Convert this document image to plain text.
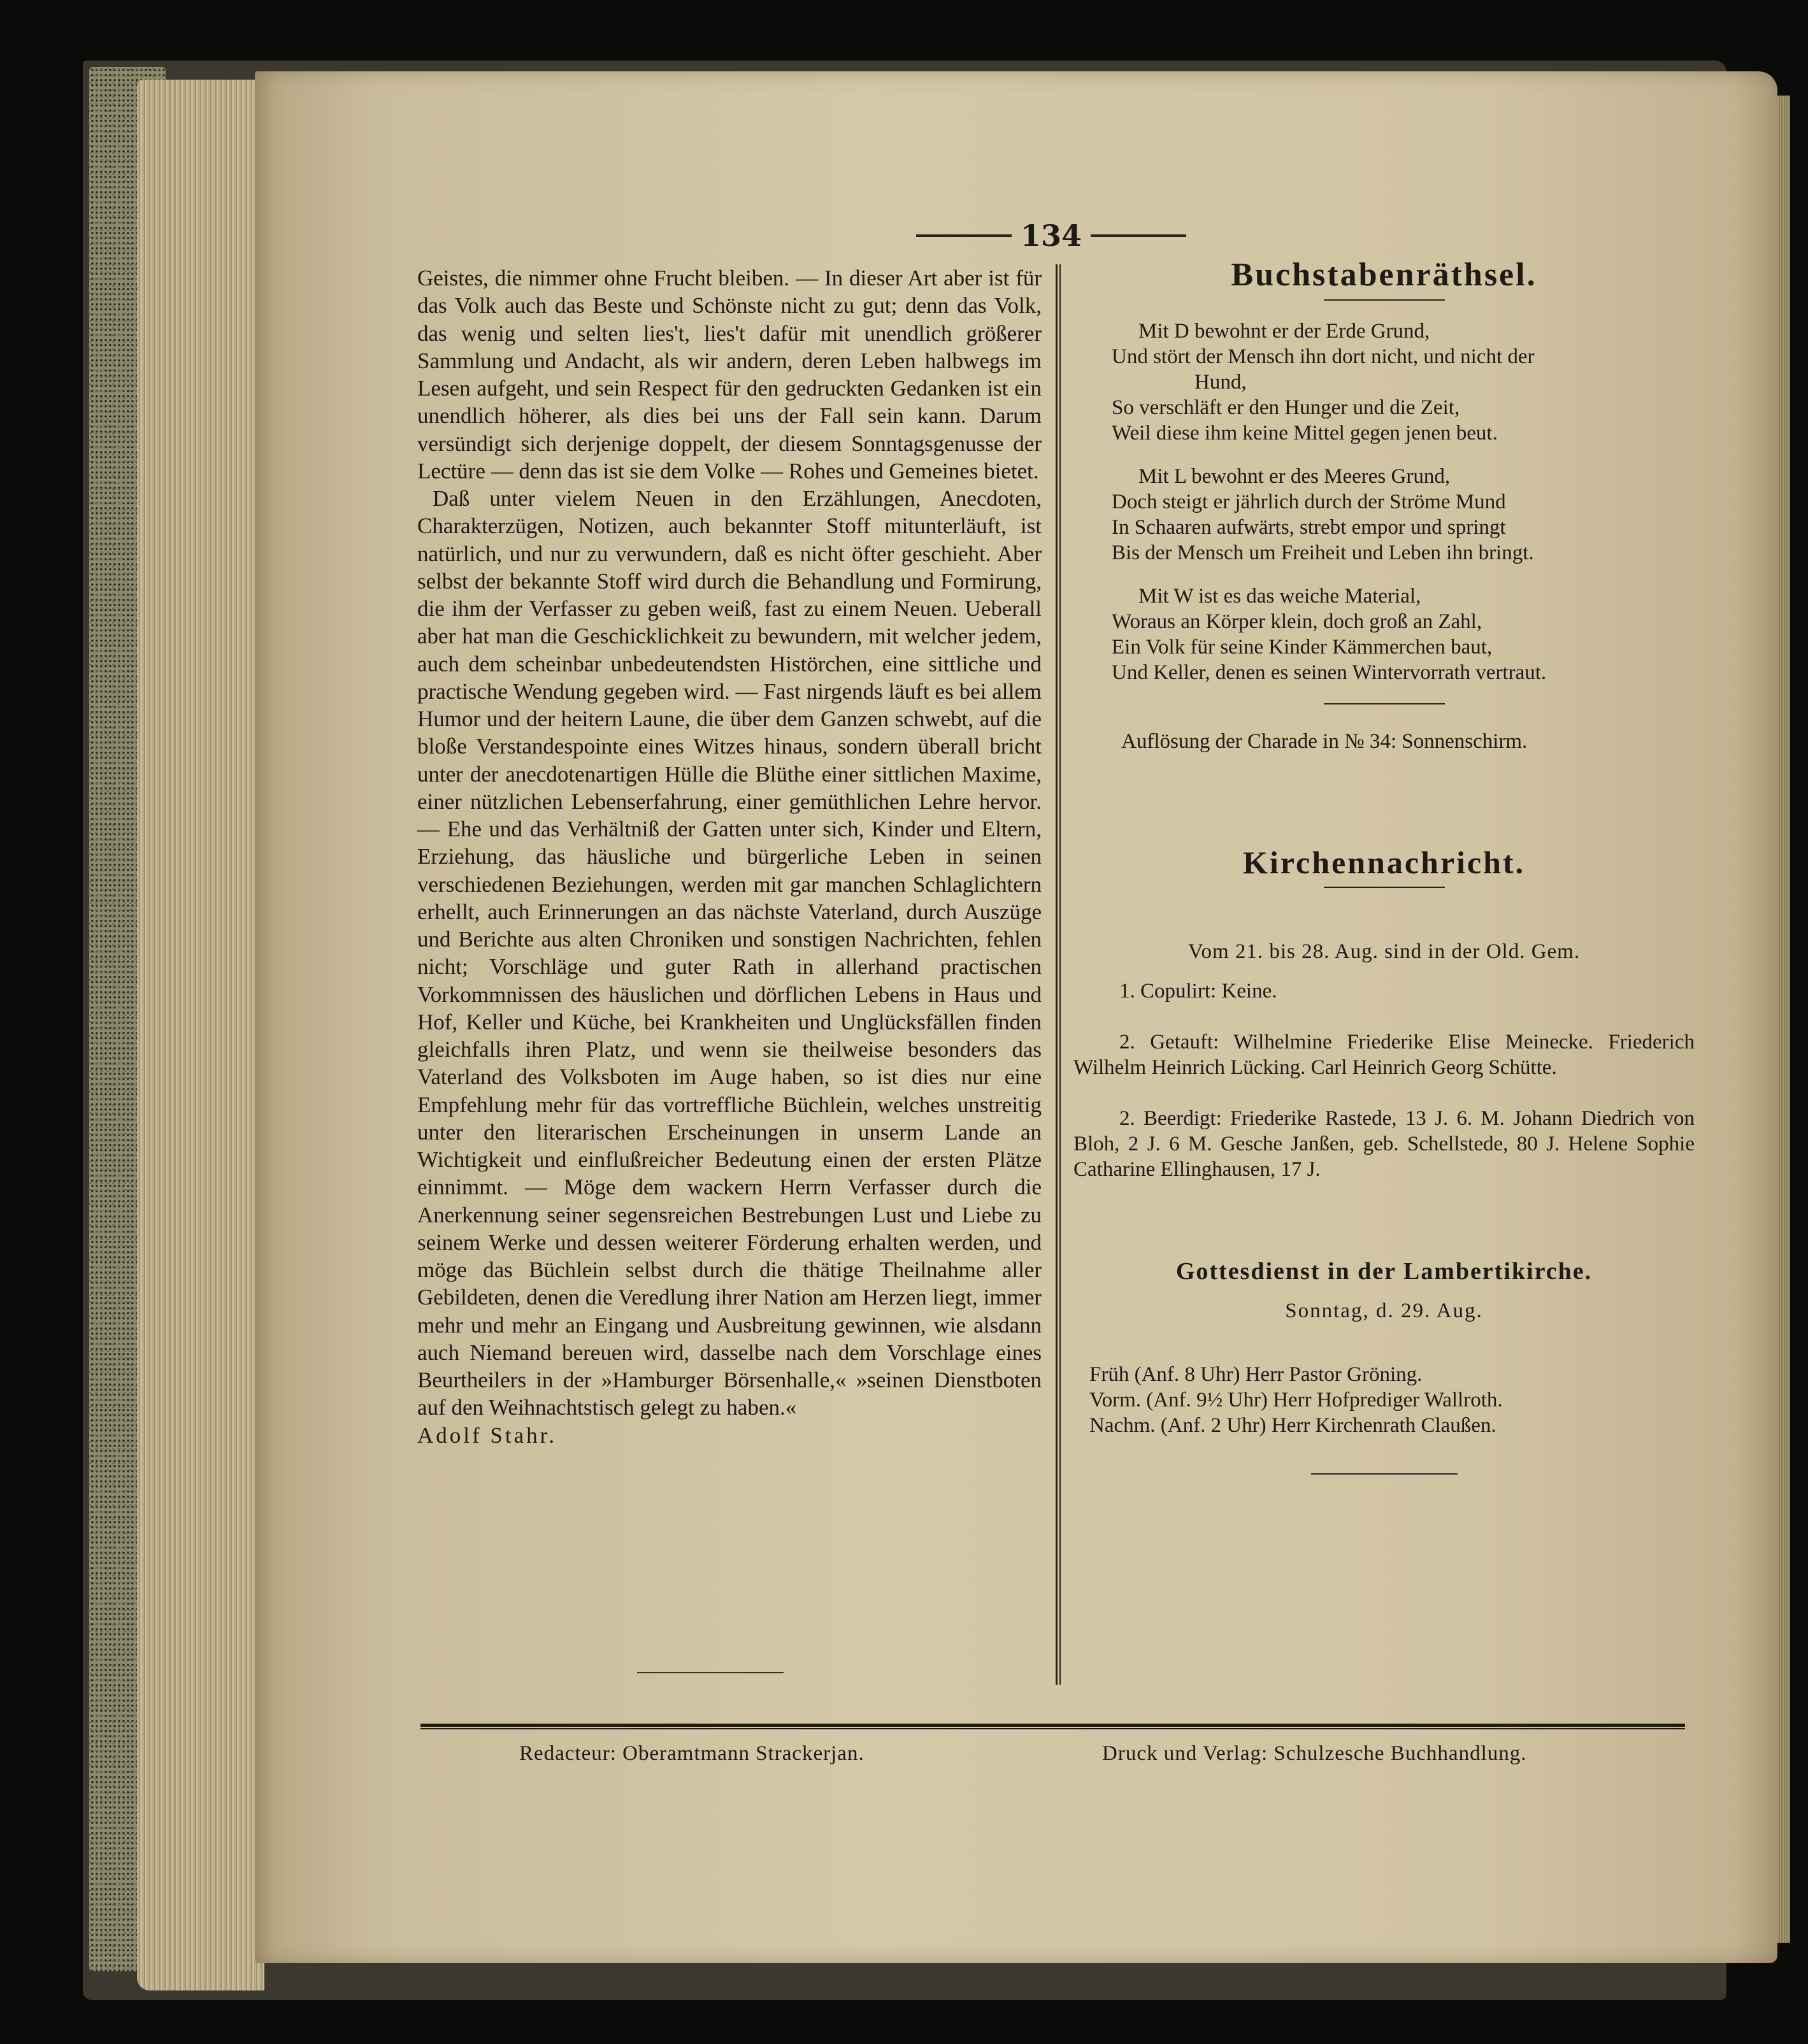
134

Geistes, die nimmer ohne Frucht bleiben. — In dieser Art aber ist für das Volk auch das Beste und Schönste nicht zu gut; denn das Volk, das wenig und selten lies't, lies't dafür mit unendlich größerer Sammlung und Andacht, als wir andern, deren Leben halbwegs im Lesen aufgeht, und sein Respect für den gedruckten Gedanken ist ein unendlich höherer, als dies bei uns der Fall sein kann. Darum versündigt sich derjenige doppelt, der diesem Sonntagsgenusse der Lectüre — denn das ist sie dem Volke — Rohes und Gemeines bietet.

Daß unter vielem Neuen in den Erzählungen, Anecdoten, Charakterzügen, Notizen, auch bekannter Stoff mitunterläuft, ist natürlich, und nur zu verwundern, daß es nicht öfter geschieht. Aber selbst der bekannte Stoff wird durch die Behandlung und Formirung, die ihm der Verfasser zu geben weiß, fast zu einem Neuen. Ueberall aber hat man die Geschicklichkeit zu bewundern, mit welcher jedem, auch dem scheinbar unbedeutendsten Histörchen, eine sittliche und practische Wendung gegeben wird. — Fast nirgends läuft es bei allem Humor und der heitern Laune, die über dem Ganzen schwebt, auf die bloße Verstandespointe eines Witzes hinaus, sondern überall bricht unter der anecdotenartigen Hülle die Blüthe einer sittlichen Maxime, einer nützlichen Lebenserfahrung, einer gemüthlichen Lehre hervor. — Ehe und das Verhältniß der Gatten unter sich, Kinder und Eltern, Erziehung, das häusliche und bürgerliche Leben in seinen verschiedenen Beziehungen, werden mit gar manchen Schlaglichtern erhellt, auch Erinnerungen an das nächste Vaterland, durch Auszüge und Berichte aus alten Chroniken und sonstigen Nachrichten, fehlen nicht; Vorschläge und guter Rath in allerhand practischen Vorkommnissen des häuslichen und dörflichen Lebens in Haus und Hof, Keller und Küche, bei Krankheiten und Unglücksfällen finden gleichfalls ihren Platz, und wenn sie theilweise besonders das Vaterland des Volksboten im Auge haben, so ist dies nur eine Empfehlung mehr für das vortreffliche Büchlein, welches unstreitig unter den literarischen Erscheinungen in unserm Lande an Wichtigkeit und einflußreicher Bedeutung einen der ersten Plätze einnimmt. — Möge dem wackern Herrn Verfasser durch die Anerkennung seiner segensreichen Bestrebungen Lust und Liebe zu seinem Werke und dessen weiterer Förderung erhalten werden, und möge das Büchlein selbst durch die thätige Theilnahme aller Gebildeten, denen die Veredlung ihrer Nation am Herzen liegt, immer mehr und mehr an Eingang und Ausbreitung gewinnen, wie alsdann auch Niemand bereuen wird, dasselbe nach dem Vorschlage eines Beurtheilers in der »Hamburger Börsenhalle,« »seinen Dienstboten auf den Weihnachtstisch gelegt zu haben.«

Adolf Stahr.

Buchstabenräthsel.
Mit D bewohnt er der Erde Grund,
Und stört der Mensch ihn dort nicht, und nicht der
Hund,
So verschläft er den Hunger und die Zeit,
Weil diese ihm keine Mittel gegen jenen beut.
Mit L bewohnt er des Meeres Grund,
Doch steigt er jährlich durch der Ströme Mund
In Schaaren aufwärts, strebt empor und springt
Bis der Mensch um Freiheit und Leben ihn bringt.
Mit W ist es das weiche Material,
Woraus an Körper klein, doch groß an Zahl,
Ein Volk für seine Kinder Kämmerchen baut,
Und Keller, denen es seinen Wintervorrath vertraut.
Auflösung der Charade in № 34: Sonnenschirm.
Kirchennachricht.
Vom 21. bis 28. Aug. sind in der Old. Gem.
1. Copulirt: Keine.
2. Getauft: Wilhelmine Friederike Elise Meinecke. Friederich Wilhelm Heinrich Lücking. Carl Heinrich Georg Schütte.
2. Beerdigt: Friederike Rastede, 13 J. 6. M. Johann Diedrich von Bloh, 2 J. 6 M. Gesche Janßen, geb. Schellstede, 80 J. Helene Sophie Catharine Ellinghausen, 17 J.
Gottesdienst in der Lambertikirche.
Sonntag, d. 29. Aug.
Früh (Anf. 8 Uhr) Herr Pastor Gröning.
Vorm. (Anf. 9½ Uhr) Herr Hofprediger Wallroth.
Nachm. (Anf. 2 Uhr) Herr Kirchenrath Claußen.
Redacteur: Oberamtmann Strackerjan.	Druck und Verlag: Schulzesche Buchhandlung.
